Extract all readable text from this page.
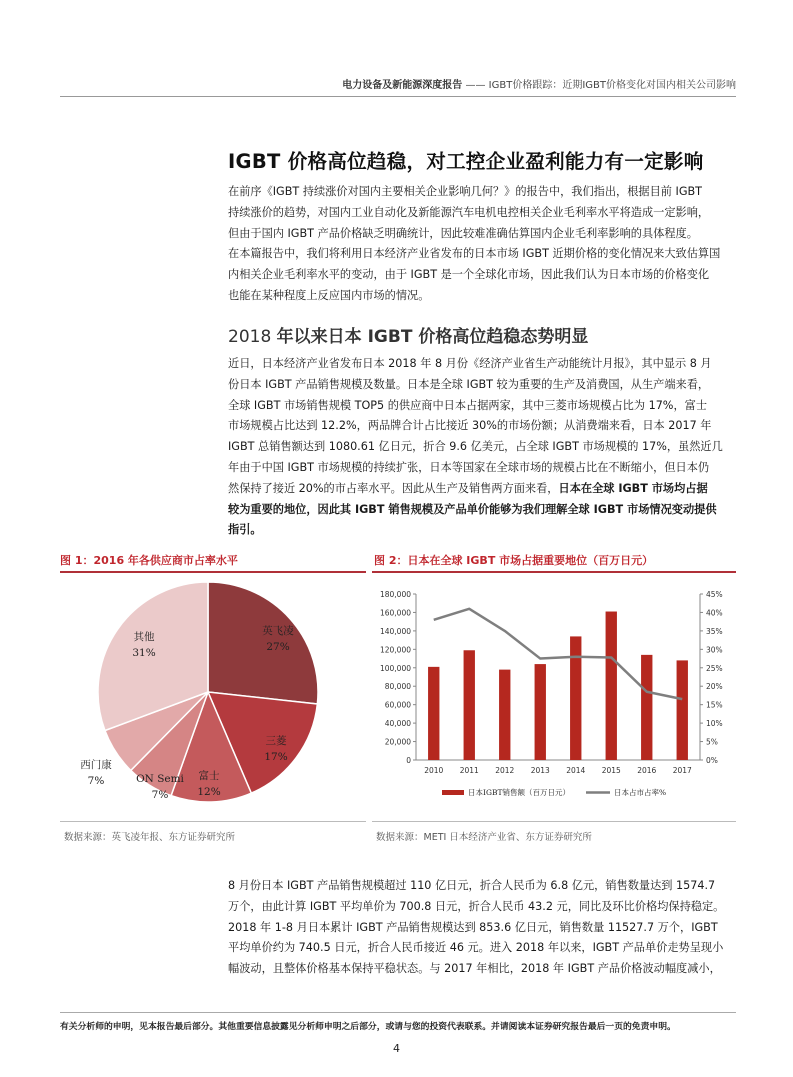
电力设备及新能源深度报告 —— IGBT价格跟踪：近期IGBT价格变化对国内相关公司影响
IGBT 价格高位趋稳，对工控企业盈利能力有一定影响
在前序《IGBT 持续涨价对国内主要相关企业影响几何？》的报告中，我们指出，根据目前 IGBT
持续涨价的趋势，对国内工业自动化及新能源汽车电机电控相关企业毛利率水平将造成一定影响，
但由于国内 IGBT 产品价格缺乏明确统计，因此较难准确估算国内企业毛利率影响的具体程度。
在本篇报告中，我们将利用日本经济产业省发布的日本市场 IGBT 近期价格的变化情况来大致估算国
内相关企业毛利率水平的变动，由于 IGBT 是一个全球化市场，因此我们认为日本市场的价格变化
也能在某种程度上反应国内市场的情况。
2018 年以来日本 IGBT 价格高位趋稳态势明显
近日，日本经济产业省发布日本 2018 年 8 月份《经济产业省生产动能统计月报》，其中显示 8 月
份日本 IGBT 产品销售规模及数量。日本是全球 IGBT 较为重要的生产及消费国，从生产端来看，
全球 IGBT 市场销售规模 TOP5 的供应商中日本占据两家，其中三菱市场规模占比为 17%，富士
市场规模占比达到 12.2%，两品牌合计占比接近 30%的市场份额；从消费端来看，日本 2017 年
IGBT 总销售额达到 1080.61 亿日元，折合 9.6 亿美元，占全球 IGBT 市场规模的 17%，虽然近几
年由于中国 IGBT 市场规模的持续扩张，日本等国家在全球市场的规模占比在不断缩小，但日本仍
然保持了接近 20%的市占率水平。因此从生产及销售两方面来看，日本在全球 IGBT 市场均占据
较为重要的地位，因此其 IGBT 销售规模及产品单价能够为我们理解全球 IGBT 市场情况变动提供
指引。
图 1：2016 年各供应商市占率水平
英飞凌
27%
三菱
17%
富士
12%
ON Semi
7%
西门康
7%
其他
31%
数据来源：英飞凌年报、东方证券研究所
图 2：日本在全球 IGBT 市场占据重要地位（百万日元）
0
20,000
40,000
60,000
80,000
100,000
120,000
140,000
160,000
180,000
0%
5%
10%
15%
20%
25%
30%
35%
40%
45%
2010 2011 2012 2013 2014 2015 2016 2017
日本IGBT销售额（百万日元）	日本占市占率%
数据来源：METI 日本经济产业省、东方证券研究所
8 月份日本 IGBT 产品销售规模超过 110 亿日元，折合人民币为 6.8 亿元，销售数量达到 1574.7
万个，由此计算 IGBT 平均单价为 700.8 日元，折合人民币 43.2 元，同比及环比价格均保持稳定。
2018 年 1-8 月日本累计 IGBT 产品销售规模达到 853.6 亿日元，销售数量 11527.7 万个，IGBT
平均单价约为 740.5 日元，折合人民币接近 46 元。进入 2018 年以来，IGBT 产品单价走势呈现小
幅波动，且整体价格基本保持平稳状态。与 2017 年相比，2018 年 IGBT 产品价格波动幅度减小，
有关分析师的申明，见本报告最后部分。其他重要信息披露见分析师申明之后部分，或请与您的投资代表联系。并请阅读本证券研究报告最后一页的免责申明。
4
